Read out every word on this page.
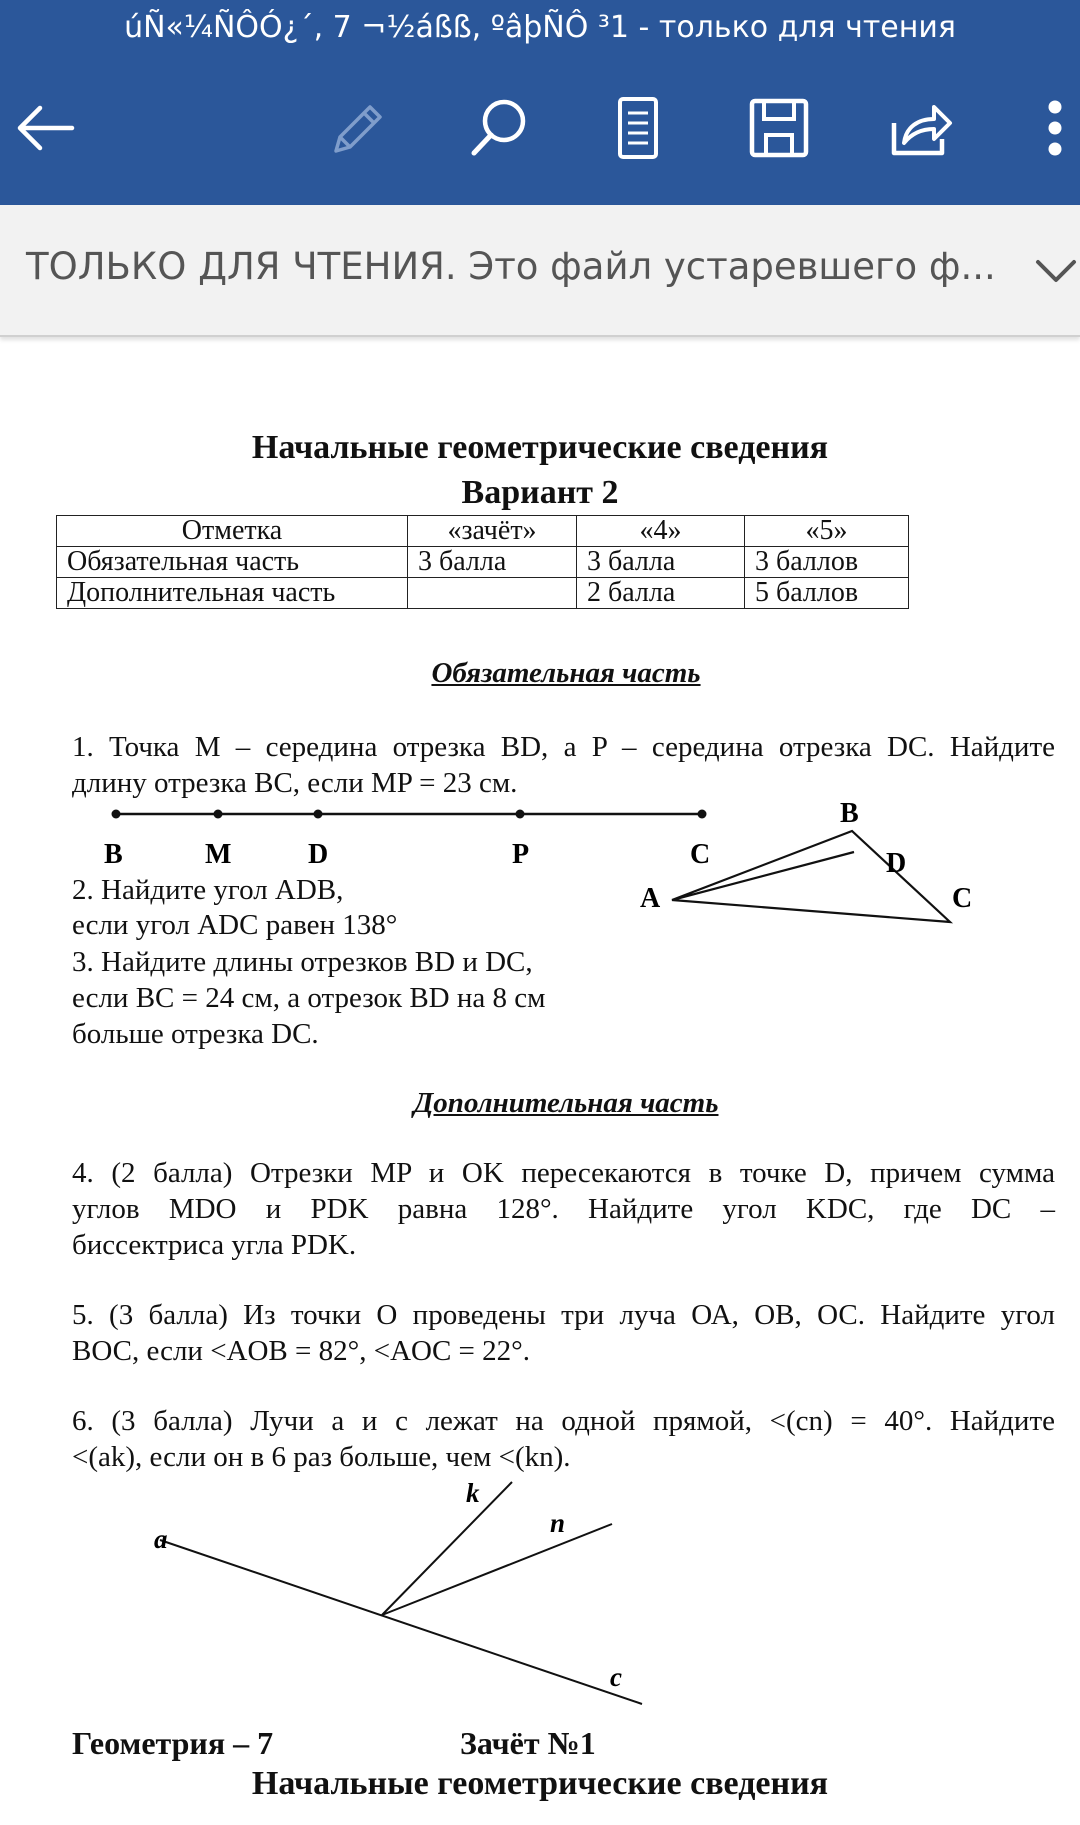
úÑ«¼ÑÔÓ¿´, 7 ¬½áßß, ºâþÑÔ ³1 - только для чтения
ТОЛЬКО ДЛЯ ЧТЕНИЯ. Это файл устаревшего ф...
Начальные геометрические сведения
Вариант 2
Отметка	«зачёт»	«4»	«5»
Обязательная часть	3 балла	3 балла	3 баллов
Дополнительная часть		2 балла	5 баллов
Обязательная часть
1. Точка M – середина отрезка BD, а P – середина отрезка DC. Найдите
длину отрезка BC, если MP = 23 см.
B	M	D	P	C
2. Найдите угол ADB,
если угол ADC равен 138°
3. Найдите длины отрезков BD и DC,
если BC = 24 см, а отрезок BD на 8 см
больше отрезка DC.
B
D
A	C
Дополнительная часть
4. (2 балла) Отрезки MP и OK пересекаются в точке D, причем сумма
углов MDO и PDK равна 128°. Найдите угол KDC, где DC –
биссектриса угла PDK.
5. (3 балла) Из точки О проведены три луча ОА, ОВ, ОС. Найдите угол
ВОС, если <AOB = 82°, <AOC = 22°.
6. (3 балла) Лучи a и c лежат на одной прямой, <(cn) = 40°. Найдите
<(ak), если он в 6 раз больше, чем <(kn).
a
k
n
c
Геометрия – 7	Зачёт №1
Начальные геометрические сведения
